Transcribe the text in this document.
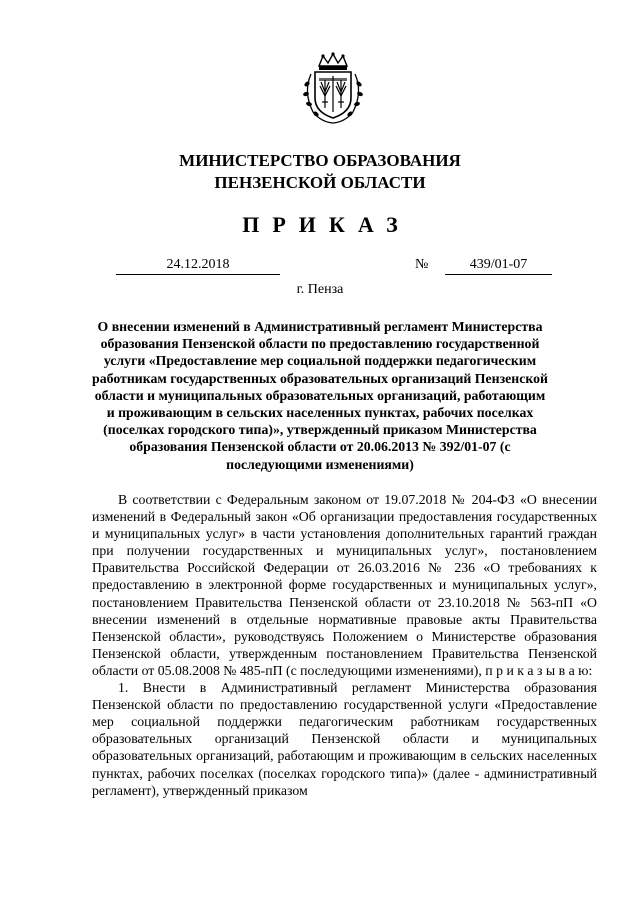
МИНИСТЕРСТВО ОБРАЗОВАНИЯ
ПЕНЗЕНСКОЙ ОБЛАСТИ
ПРИКАЗ
24.12.2018	№	439/01-07
г. Пенза
О внесении изменений в Административный регламент Министерства образования Пензенской области по предоставлению государственной услуги «Предоставление мер социальной поддержки педагогическим работникам государственных образовательных организаций Пензенской области и муниципальных образовательных организаций, работающим и проживающим в сельских населенных пунктах, рабочих поселках (поселках городского типа)», утвержденный приказом Министерства образования Пензенской области от 20.06.2013 № 392/01-07 (с последующими изменениями)

В соответствии с Федеральным законом от 19.07.2018 № 204-ФЗ «О внесении изменений в Федеральный закон «Об организации предоставления государственных и муниципальных услуг» в части установления дополнительных гарантий граждан при получении государственных и муниципальных услуг», постановлением Правительства Российской Федерации от 26.03.2016 № 236 «О требованиях к предоставлению в электронной форме государственных и муниципальных услуг», постановлением Правительства Пензенской области от 23.10.2018 № 563-пП «О внесении изменений в отдельные нормативные правовые акты Правительства Пензенской области», руководствуясь Положением о Министерстве образования Пензенской области, утвержденным постановлением Правительства Пензенской области от 05.08.2008 № 485-пП (с последующими изменениями), п р и к а з ы в а ю:

1. Внести в Административный регламент Министерства образования Пензенской области по предоставлению государственной услуги «Предоставление мер социальной поддержки педагогическим работникам государственных образовательных организаций Пензенской области и муниципальных образовательных организаций, работающим и проживающим в сельских населенных пунктах, рабочих поселках (поселках городского типа)» (далее - административный регламент), утвержденный приказом
